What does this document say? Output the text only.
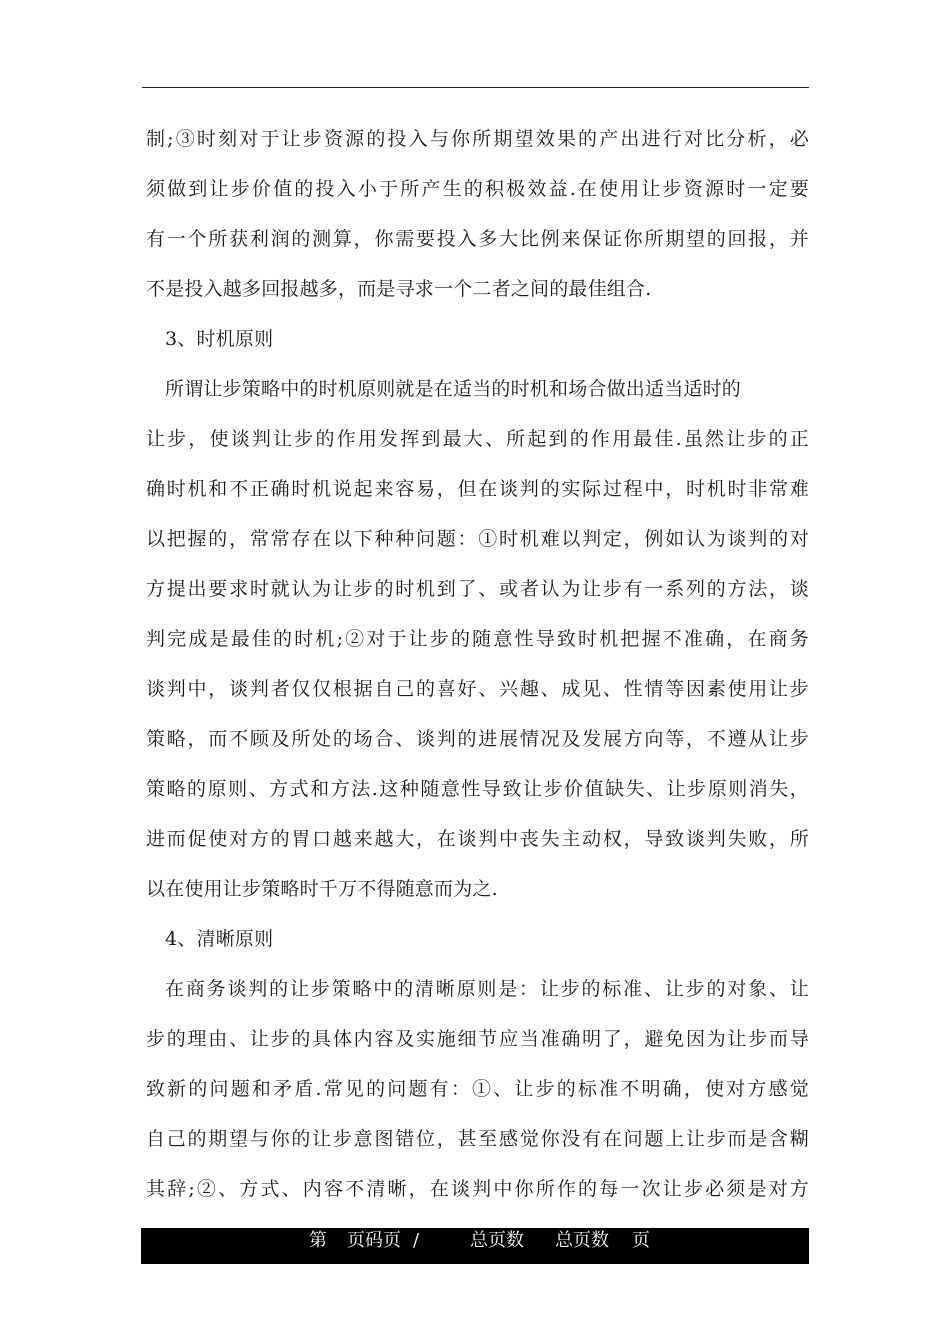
制;③时刻对于让步资源的投入与你所期望效果的产出进行对比分析，必
须做到让步价值的投入小于所产生的积极效益.在使用让步资源时一定要
有一个所获利润的测算，你需要投入多大比例来保证你所期望的回报，并
不是投入越多回报越多，而是寻求一个二者之间的最佳组合.
3、时机原则
所谓让步策略中的时机原则就是在适当的时机和场合做出适当适时的
让步，使谈判让步的作用发挥到最大、所起到的作用最佳.虽然让步的正
确时机和不正确时机说起来容易，但在谈判的实际过程中，时机时非常难
以把握的，常常存在以下种种问题：①时机难以判定，例如认为谈判的对
方提出要求时就认为让步的时机到了、或者认为让步有一系列的方法，谈
判完成是最佳的时机;②对于让步的随意性导致时机把握不准确，在商务
谈判中，谈判者仅仅根据自己的喜好、兴趣、成见、性情等因素使用让步
策略，而不顾及所处的场合、谈判的进展情况及发展方向等，不遵从让步
策略的原则、方式和方法.这种随意性导致让步价值缺失、让步原则消失，
进而促使对方的胃口越来越大，在谈判中丧失主动权，导致谈判失败，所
以在使用让步策略时千万不得随意而为之.
4、清晰原则
在商务谈判的让步策略中的清晰原则是：让步的标准、让步的对象、让
步的理由、让步的具体内容及实施细节应当准确明了，避免因为让步而导
致新的问题和矛盾.常见的问题有：①、让步的标准不明确，使对方感觉
自己的期望与你的让步意图错位，甚至感觉你没有在问题上让步而是含糊
其辞;②、方式、内容不清晰，在谈判中你所作的每一次让步必须是对方
第 页码页 /	总页数 总页数 页
